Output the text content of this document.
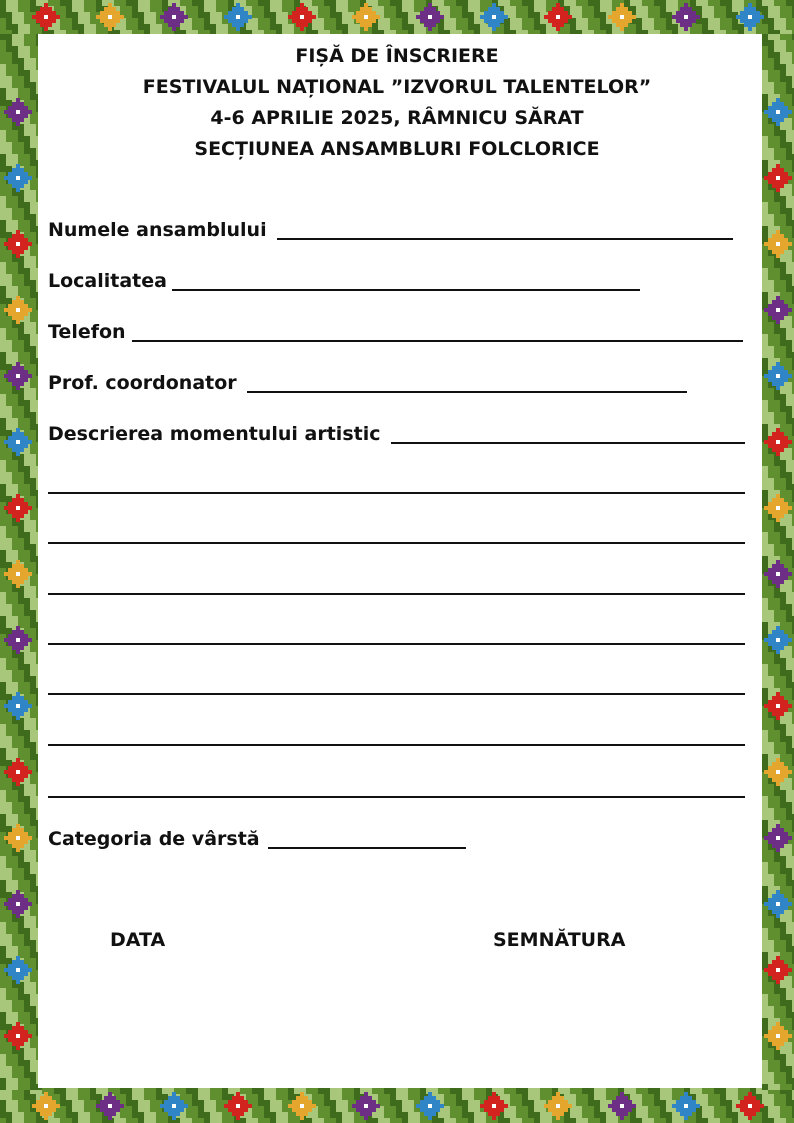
FIȘĂ DE ÎNSCRIERE
FESTIVALUL NAȚIONAL ”IZVORUL TALENTELOR”
4-6 APRILIE 2025, RÂMNICU SĂRAT
SECȚIUNEA ANSAMBLURI FOLCLORICE
Numele ansamblului
Localitatea
Telefon
Prof. coordonator
Descrierea momentului artistic
Categoria de vârstă
DATA	SEMNĂTURA
